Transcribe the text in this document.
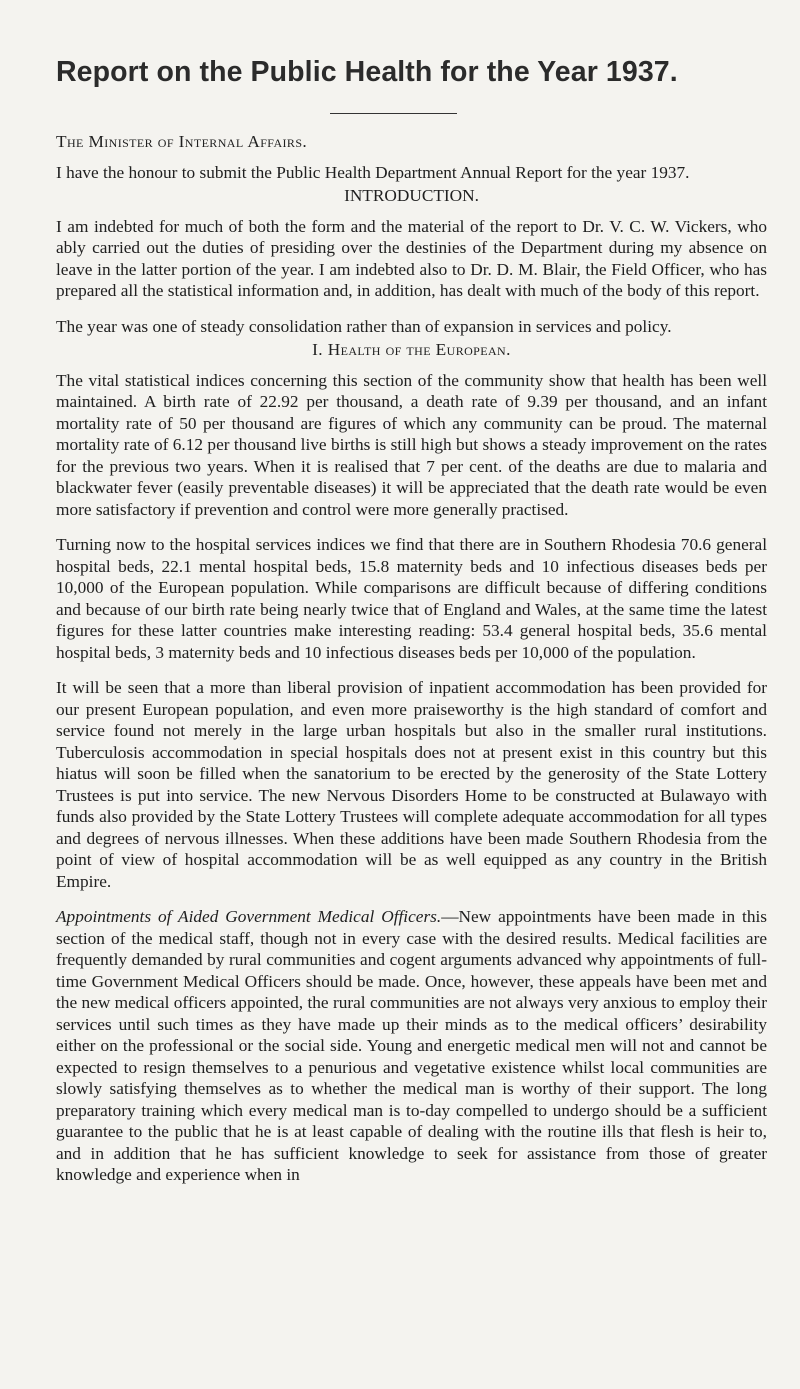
Report on the Public Health for the Year 1937.

The Minister of Internal Affairs.

I have the honour to submit the Public Health Department Annual Report for the year 1937.

INTRODUCTION.

I am indebted for much of both the form and the material of the report to Dr. V. C. W. Vickers, who ably carried out the duties of presiding over the destinies of the Department during my absence on leave in the latter portion of the year. I am indebted also to Dr. D. M. Blair, the Field Officer, who has prepared all the statistical information and, in addition, has dealt with much of the body of this report.

The year was one of steady consolidation rather than of expansion in services and policy.

I. Health of the European.

The vital statistical indices concerning this section of the community show that health has been well maintained. A birth rate of 22.92 per thousand, a death rate of 9.39 per thousand, and an infant mortality rate of 50 per thousand are figures of which any community can be proud. The maternal mortality rate of 6.12 per thousand live births is still high but shows a steady improvement on the rates for the previous two years. When it is realised that 7 per cent. of the deaths are due to malaria and blackwater fever (easily preventable diseases) it will be appreciated that the death rate would be even more satisfactory if prevention and control were more generally practised.

Turning now to the hospital services indices we find that there are in Southern Rhodesia 70.6 general hospital beds, 22.1 mental hospital beds, 15.8 maternity beds and 10 infectious diseases beds per 10,000 of the European population. While comparisons are difficult because of differing conditions and because of our birth rate being nearly twice that of England and Wales, at the same time the latest figures for these latter countries make interesting reading: 53.4 general hospital beds, 35.6 mental hospital beds, 3 maternity beds and 10 infectious diseases beds per 10,000 of the population.

It will be seen that a more than liberal provision of inpatient accommodation has been provided for our present European population, and even more praiseworthy is the high standard of comfort and service found not merely in the large urban hospitals but also in the smaller rural institutions. Tuberculosis accommodation in special hospitals does not at present exist in this country but this hiatus will soon be filled when the sanatorium to be erected by the generosity of the State Lottery Trustees is put into service. The new Nervous Disorders Home to be constructed at Bulawayo with funds also provided by the State Lottery Trustees will complete adequate accommodation for all types and degrees of nervous illnesses. When these additions have been made Southern Rhodesia from the point of view of hospital accommodation will be as well equipped as any country in the British Empire.

Appointments of Aided Government Medical Officers.—New appointments have been made in this section of the medical staff, though not in every case with the desired results. Medical facilities are frequently demanded by rural communities and cogent arguments advanced why appointments of full-time Government Medical Officers should be made. Once, however, these appeals have been met and the new medical officers appointed, the rural communities are not always very anxious to employ their services until such times as they have made up their minds as to the medical officers’ desirability either on the professional or the social side. Young and energetic medical men will not and cannot be expected to resign themselves to a penurious and vegetative existence whilst local communities are slowly satisfying themselves as to whether the medical man is worthy of their support. The long preparatory training which every medical man is to-day compelled to undergo should be a sufficient guarantee to the public that he is at least capable of dealing with the routine ills that flesh is heir to, and in addition that he has sufficient knowledge to seek for assistance from those of greater knowledge and experience when in
